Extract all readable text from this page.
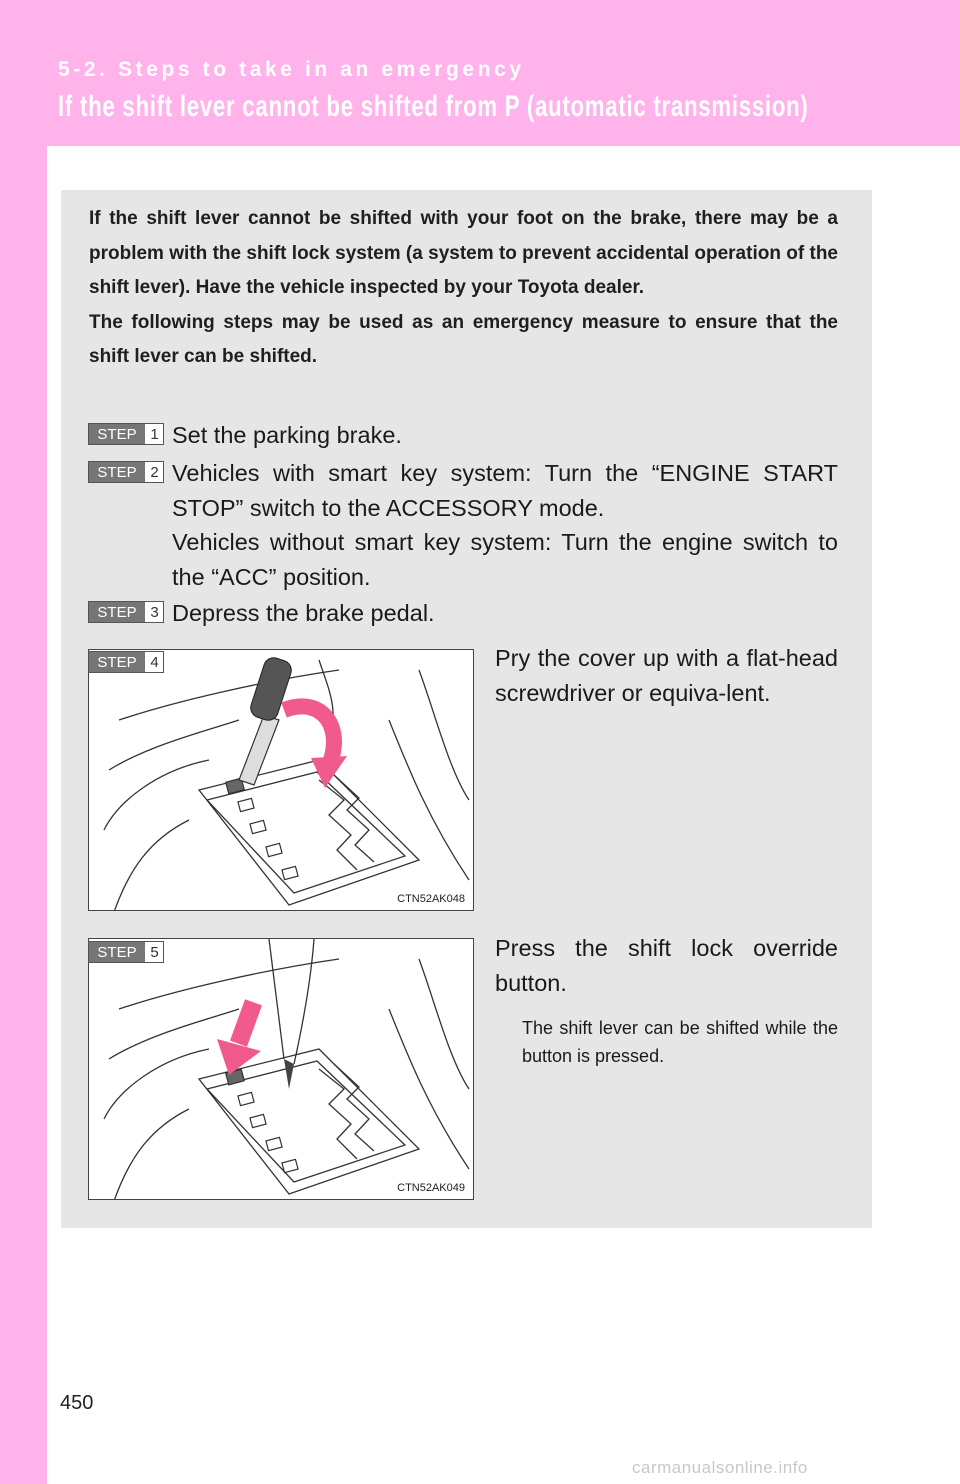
5-2. Steps to take in an emergency
If the shift lever cannot be shifted from P (automatic transmission)

If the shift lever cannot be shifted with your foot on the brake, there may be a problem with the shift lock system (a system to prevent accidental operation of the shift lever). Have the vehicle inspected by your Toyota dealer.

The following steps may be used as an emergency measure to ensure that the shift lever can be shifted.

STEP 1 Set the parking brake.

STEP 2 Vehicles with smart key system: Turn the “ENGINE START STOP” switch to the ACCESSORY mode.

Vehicles without smart key system: Turn the engine switch to the “ACC” position.

STEP 3 Depress the brake pedal.

CTN52AK048
STEP 4	Pry the cover up with a flat-head screwdriver or equiva-lent.
CTN52AK049
STEP 5	Press the shift lock override button.
The shift lever can be shifted while the button is pressed.
450
carmanualsonline.info
